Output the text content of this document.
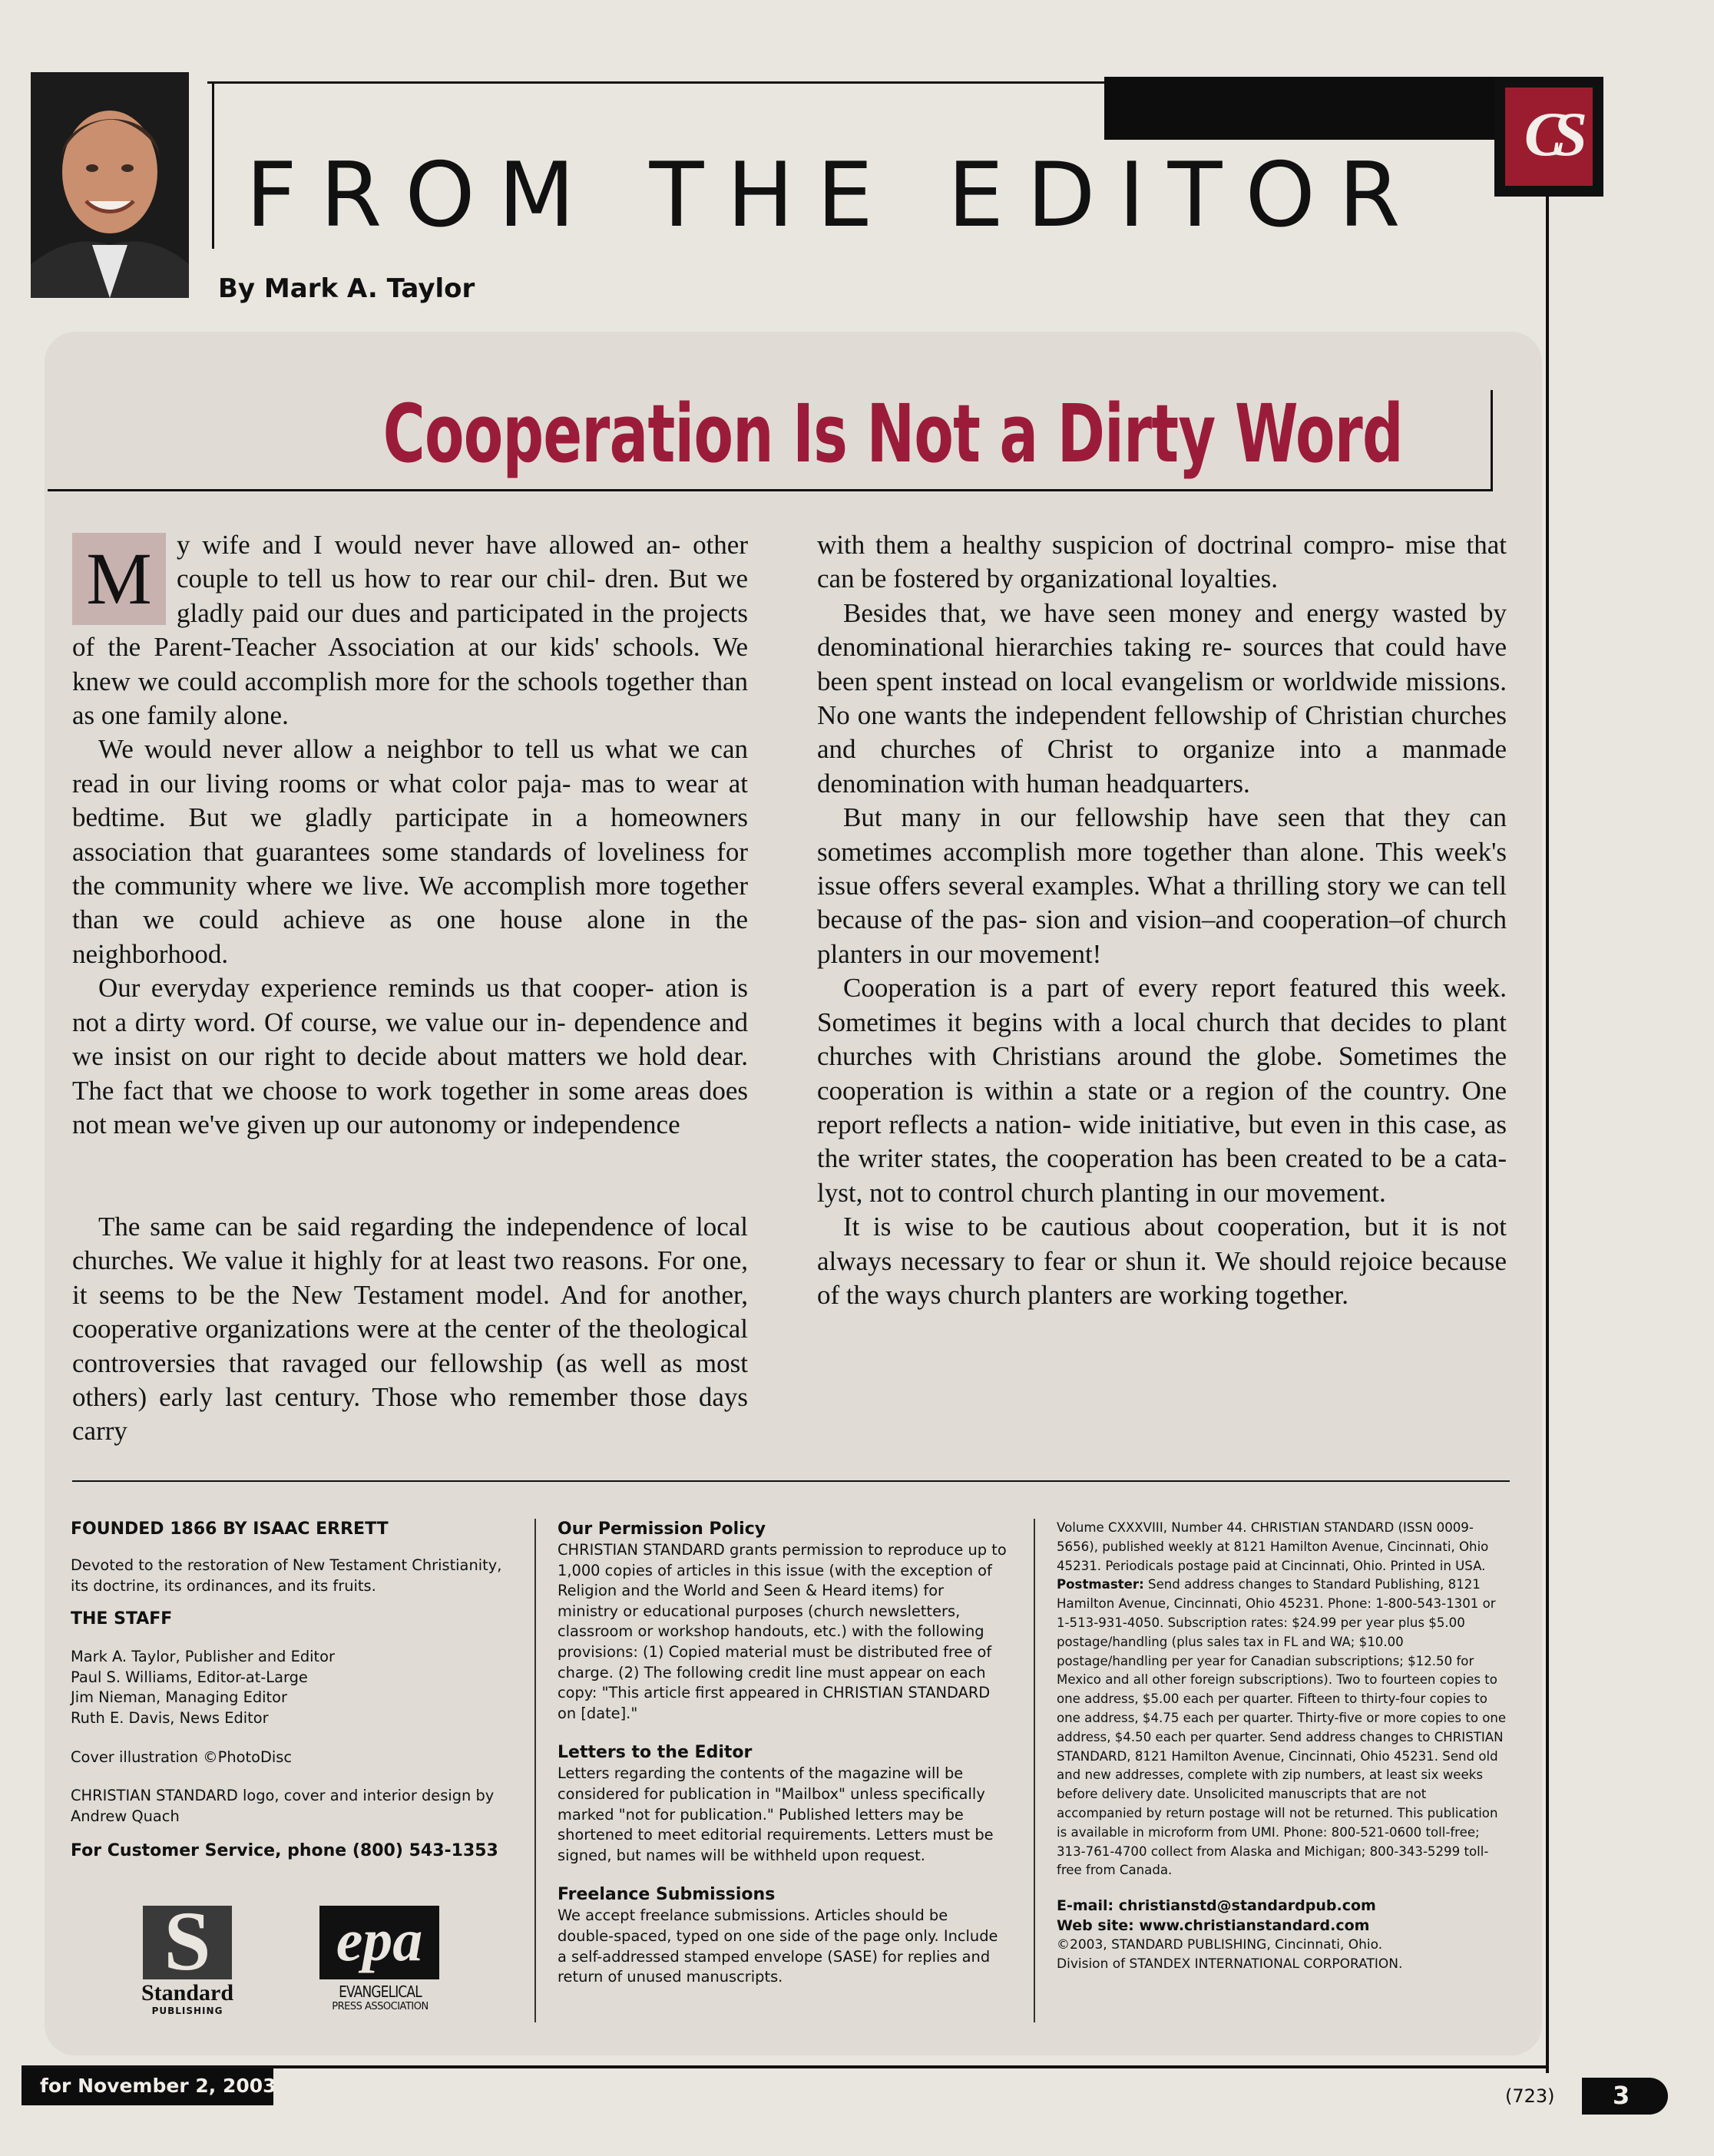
CS
FROM THE EDITOR
By Mark A. Taylor
Cooperation Is Not a Dirty Word

M y wife and I would never have allowed an- other couple to tell us how to rear our chil- dren. But we gladly paid our dues and participated in the projects of the Parent-Teacher Association at our kids' schools. We knew we could accomplish more for the schools together than as one family alone.

We would never allow a neighbor to tell us what we can read in our living rooms or what color paja- mas to wear at bedtime. But we gladly participate in a homeowners association that guarantees some standards of loveliness for the community where we live. We accomplish more together than we could achieve as one house alone in the neighborhood.

Our everyday experience reminds us that cooper- ation is not a dirty word. Of course, we value our in- dependence and we insist on our right to decide about matters we hold dear. The fact that we choose to work together in some areas does not mean we've given up our autonomy or independence

The same can be said regarding the independence of local churches. We value it highly for at least two reasons. For one, it seems to be the New Testament model. And for another, cooperative organizations were at the center of the theological controversies that ravaged our fellowship (as well as most others) early last century. Those who remember those days carry

with them a healthy suspicion of doctrinal compro- mise that can be fostered by organizational loyalties.

Besides that, we have seen money and energy wasted by denominational hierarchies taking re- sources that could have been spent instead on local evangelism or worldwide missions. No one wants the independent fellowship of Christian churches and churches of Christ to organize into a manmade denomination with human headquarters.

But many in our fellowship have seen that they can sometimes accomplish more together than alone. This week's issue offers several examples. What a thrilling story we can tell because of the pas- sion and vision–and cooperation–of church planters in our movement!

Cooperation is a part of every report featured this week. Sometimes it begins with a local church that decides to plant churches with Christians around the globe. Sometimes the cooperation is within a state or a region of the country. One report reflects a nation- wide initiative, but even in this case, as the writer states, the cooperation has been created to be a cata- lyst, not to control church planting in our movement.

It is wise to be cautious about cooperation, but it is not always necessary to fear or shun it. We should rejoice because of the ways church planters are working together.

FOUNDED 1866 BY ISAAC ERRETT

Devoted to the restoration of New Testament Christianity, its doctrine, its ordinances, and its fruits.

THE STAFF

Mark A. Taylor, Publisher and Editor

Paul S. Williams, Editor-at-Large

Jim Nieman, Managing Editor

Ruth E. Davis, News Editor

Cover illustration ©PhotoDisc

CHRISTIAN STANDARD logo, cover and interior design by Andrew Quach

For Customer Service, phone (800) 543-1353

S
Standard
PUBLISHING
epa
EVANGELICAL
PRESS ASSOCIATION

Our Permission Policy

CHRISTIAN STANDARD grants permission to reproduce up to 1,000 copies of articles in this issue (with the exception of Religion and the World and Seen & Heard items) for ministry or educational purposes (church newsletters, classroom or workshop handouts, etc.) with the following provisions: (1) Copied material must be distributed free of charge. (2) The following credit line must appear on each copy: "This article first appeared in CHRISTIAN STANDARD on [date]."

Letters to the Editor

Letters regarding the contents of the magazine will be considered for publication in "Mailbox" unless specifically marked "not for publication." Published letters may be shortened to meet editorial requirements. Letters must be signed, but names will be withheld upon request.

Freelance Submissions

We accept freelance submissions. Articles should be double-spaced, typed on one side of the page only. Include a self-addressed stamped envelope (SASE) for replies and return of unused manuscripts.

Volume CXXXVIII, Number 44. CHRISTIAN STANDARD (ISSN 0009-5656), published weekly at 8121 Hamilton Avenue, Cincinnati, Ohio 45231. Periodicals postage paid at Cincinnati, Ohio. Printed in USA. Postmaster: Send address changes to Standard Publishing, 8121 Hamilton Avenue, Cincinnati, Ohio 45231. Phone: 1-800-543-1301 or 1-513-931-4050. Subscription rates: $24.99 per year plus $5.00 postage/handling (plus sales tax in FL and WA; $10.00 postage/handling per year for Canadian subscriptions; $12.50 for Mexico and all other foreign subscriptions). Two to fourteen copies to one address, $5.00 each per quarter. Fifteen to thirty-four copies to one address, $4.75 each per quarter. Thirty-five or more copies to one address, $4.50 each per quarter. Send address changes to CHRISTIAN STANDARD, 8121 Hamilton Avenue, Cincinnati, Ohio 45231. Send old and new addresses, complete with zip numbers, at least six weeks before delivery date. Unsolicited manuscripts that are not accompanied by return postage will not be returned. This publication is available in microform from UMI. Phone: 800-521-0600 toll-free; 313-761-4700 collect from Alaska and Michigan; 800-343-5299 toll-free from Canada.

E-mail: christianstd@standardpub.com

Web site: www.christianstandard.com

©2003, STANDARD PUBLISHING, Cincinnati, Ohio.

Division of STANDEX INTERNATIONAL CORPORATION.

for November 2, 2003	(723) 3
